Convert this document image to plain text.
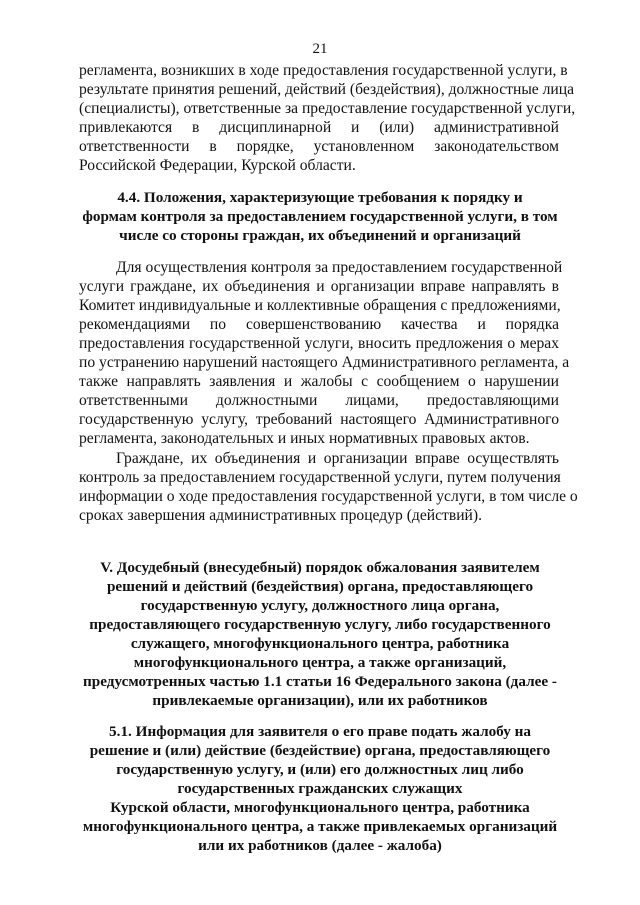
21

регламента, возникших в ходе предоставления государственной услуги, в

результате принятия решений, действий (бездействия), должностные лица

(специалисты), ответственные за предоставление государственной услуги,

привлекаются в дисциплинарной и (или) административной

ответственности в порядке, установленном законодательством

Российской Федерации, Курской области.

4.4. Положения, характеризующие требования к порядку и

формам контроля за предоставлением государственной услуги, в том

числе со стороны граждан, их объединений и организаций

Для осуществления контроля за предоставлением государственной

услуги граждане, их объединения и организации вправе направлять в

Комитет индивидуальные и коллективные обращения с предложениями,

рекомендациями по совершенствованию качества и порядка

предоставления государственной услуги, вносить предложения о мерах

по устранению нарушений настоящего Административного регламента, а

также направлять заявления и жалобы с сообщением о нарушении

ответственными должностными лицами, предоставляющими

государственную услугу, требований настоящего Административного

регламента, законодательных и иных нормативных правовых актов.

Граждане, их объединения и организации вправе осуществлять

контроль за предоставлением государственной услуги, путем получения

информации о ходе предоставления государственной услуги, в том числе о

сроках завершения административных процедур (действий).

V. Досудебный (внесудебный) порядок обжалования заявителем

решений и действий (бездействия) органа, предоставляющего

государственную услугу, должностного лица органа,

предоставляющего государственную услугу, либо государственного

служащего, многофункционального центра, работника

многофункционального центра, а также организаций,

предусмотренных частью 1.1 статьи 16 Федерального закона (далее -

привлекаемые организации), или их работников

5.1. Информация для заявителя о его праве подать жалобу на

решение и (или) действие (бездействие) органа, предоставляющего

государственную услугу, и (или) его должностных лиц либо

государственных гражданских служащих

Курской области, многофункционального центра, работника

многофункционального центра, а также привлекаемых организаций

или их работников (далее - жалоба)
